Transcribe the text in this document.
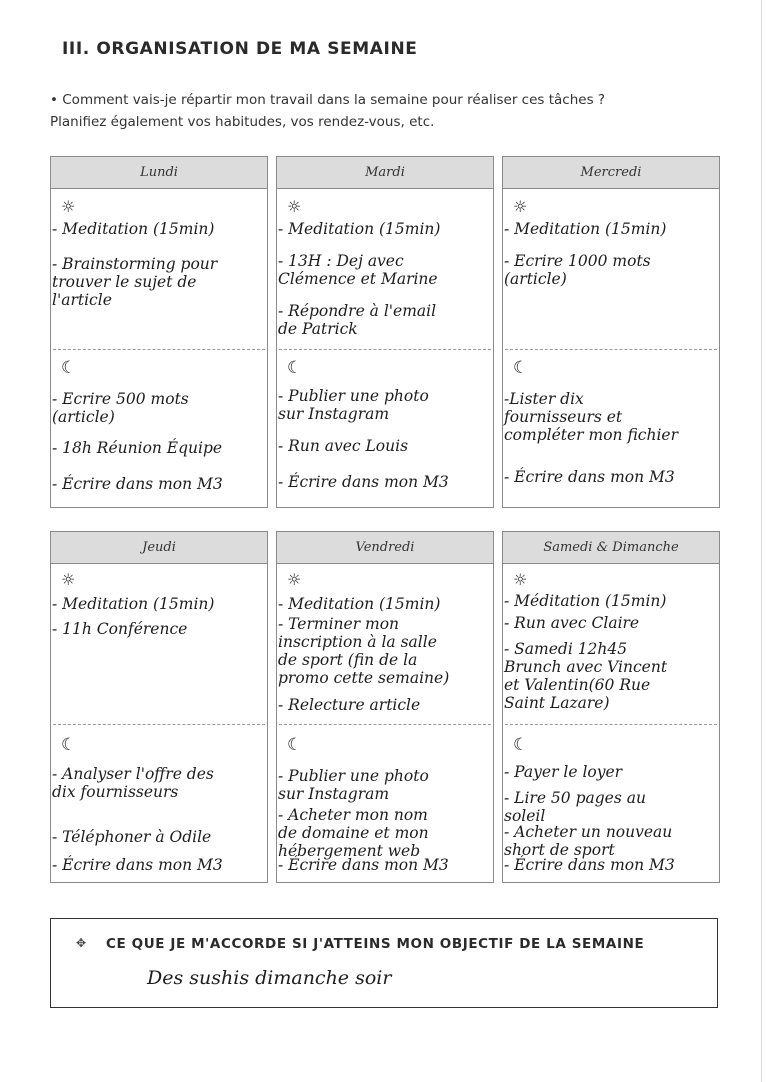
III. ORGANISATION DE MA SEMAINE
• Comment vais-je répartir mon travail dans la semaine pour réaliser ces tâches ?
Planifiez également vos habitudes, vos rendez-vous, etc.
Lundi
☼
- Meditation (15min)
- Brainstorming pour
trouver le sujet de
l'article
☾
- Ecrire 500 mots
(article)
- 18h Réunion Équipe
- Écrire dans mon M3
Mardi
☼
- Meditation (15min)
- 13H : Dej avec
Clémence et Marine
- Répondre à l'email
de Patrick
☾
- Publier une photo
sur Instagram
- Run avec Louis
- Écrire dans mon M3
Mercredi
☼
- Meditation (15min)
- Ecrire 1000 mots
(article)
☾
-Lister dix
fournisseurs et
compléter mon fichier
- Écrire dans mon M3
Jeudi
☼
- Meditation (15min)
- 11h Conférence
☾
- Analyser l'offre des
dix fournisseurs
- Téléphoner à Odile
- Écrire dans mon M3
Vendredi
☼
- Meditation (15min)
- Terminer mon
inscription à la salle
de sport (fin de la
promo cette semaine)
- Relecture article
☾
- Publier une photo
sur Instagram
- Acheter mon nom
de domaine et mon
hébergement web
- Écrire dans mon M3
Samedi & Dimanche
☼
- Méditation (15min)
- Run avec Claire
- Samedi 12h45
Brunch avec Vincent
et Valentin(60 Rue
Saint Lazare)
☾
- Payer le loyer
- Lire 50 pages au
soleil
- Acheter un nouveau
short de sport
- Écrire dans mon M3
✥ CE QUE JE M'ACCORDE SI J'ATTEINS MON OBJECTIF DE LA SEMAINE
Des sushis dimanche soir
